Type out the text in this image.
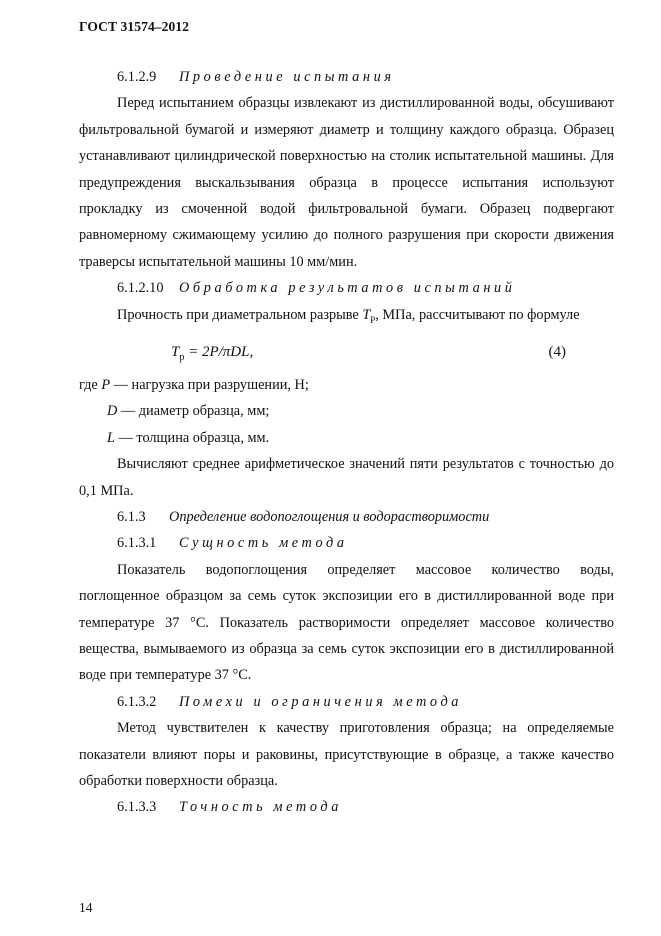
ГОСТ 31574–2012

6.1.2.9 Проведение испытания

Перед испытанием образцы извлекают из дистиллированной воды, обсушивают фильтровальной бумагой и измеряют диаметр и толщину каждого образца. Образец устанавливают цилиндрической поверхностью на столик испытательной машины. Для предупреждения выскальзывания образца в процессе испытания используют прокладку из смоченной водой фильтровальной бумаги. Образец подвергают равномерному сжимающему усилию до полного разрушения при скорости движения траверсы испытательной машины 10 мм/мин.

6.1.2.10 Обработка результатов испытаний

Прочность при диаметральном разрыве $T_P$, МПа, рассчитывают по формуле

$T_p = 2P/\pi DL$,	(4)

где P — нагрузка при разрушении, Н;

D — диаметр образца, мм;

L — толщина образца, мм.

Вычисляют среднее арифметическое значений пяти результатов с точностью до 0,1 МПа.

6.1.3 Определение водопоглощения и водорастворимости

6.1.3.1 Сущность метода

Показатель водопоглощения определяет массовое количество воды, поглощенное образцом за семь суток экспозиции его в дистиллированной воде при температуре 37 °С. Показатель растворимости определяет массовое количество вещества, вымываемого из образца за семь суток экспозиции его в дистиллированной воде при температуре 37 °С.

6.1.3.2 Помехи и ограничения метода

Метод чувствителен к качеству приготовления образца; на определяемые показатели влияют поры и раковины, присутствующие в образце, а также качество обработки поверхности образца.

6.1.3.3 Точность метода

14
